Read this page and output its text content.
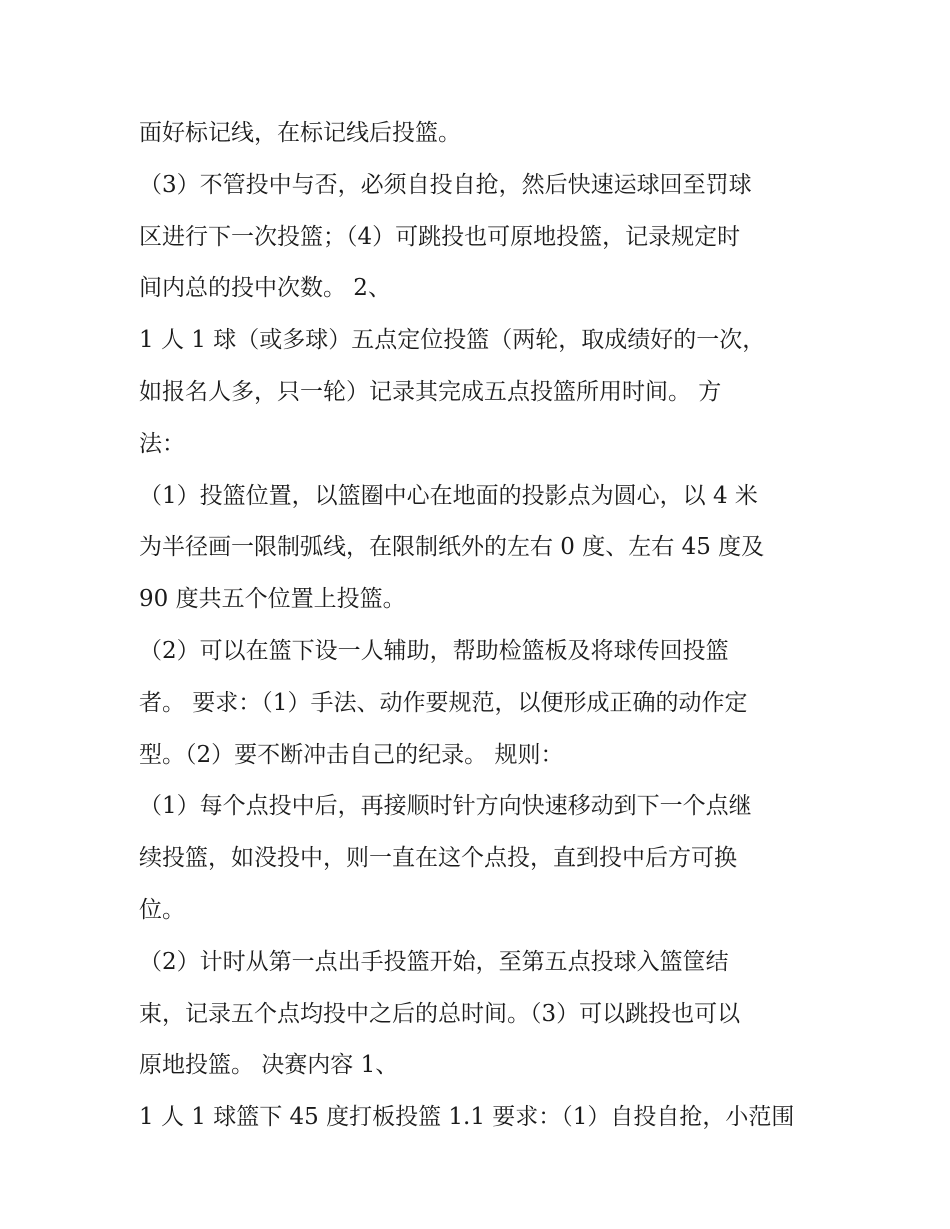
面好标记线，在标记线后投篮。
（3）不管投中与否，必须自投自抢，然后快速运球回至罚球
区进行下一次投篮；（4）可跳投也可原地投篮，记录规定时
间内总的投中次数。 2、
1 人 1 球（或多球）五点定位投篮（两轮，取成绩好的一次，
如报名人多，只一轮）记录其完成五点投篮所用时间。 方
法：
（1）投篮位置，以篮圈中心在地面的投影点为圆心，以 4 米
为半径画一限制弧线，在限制纸外的左右 0 度、左右 45 度及
90 度共五个位置上投篮。
（2）可以在篮下设一人辅助，帮助检篮板及将球传回投篮
者。 要求：（1）手法、动作要规范，以便形成正确的动作定
型。（2）要不断冲击自己的纪录。 规则：
（1）每个点投中后，再接顺时针方向快速移动到下一个点继
续投篮，如没投中，则一直在这个点投，直到投中后方可换
位。
（2）计时从第一点出手投篮开始，至第五点投球入篮筐结
束，记录五个点均投中之后的总时间。（3）可以跳投也可以
原地投篮。 决赛内容 1、
1 人 1 球篮下 45 度打板投篮 1.1 要求：（1）自投自抢，小范围
